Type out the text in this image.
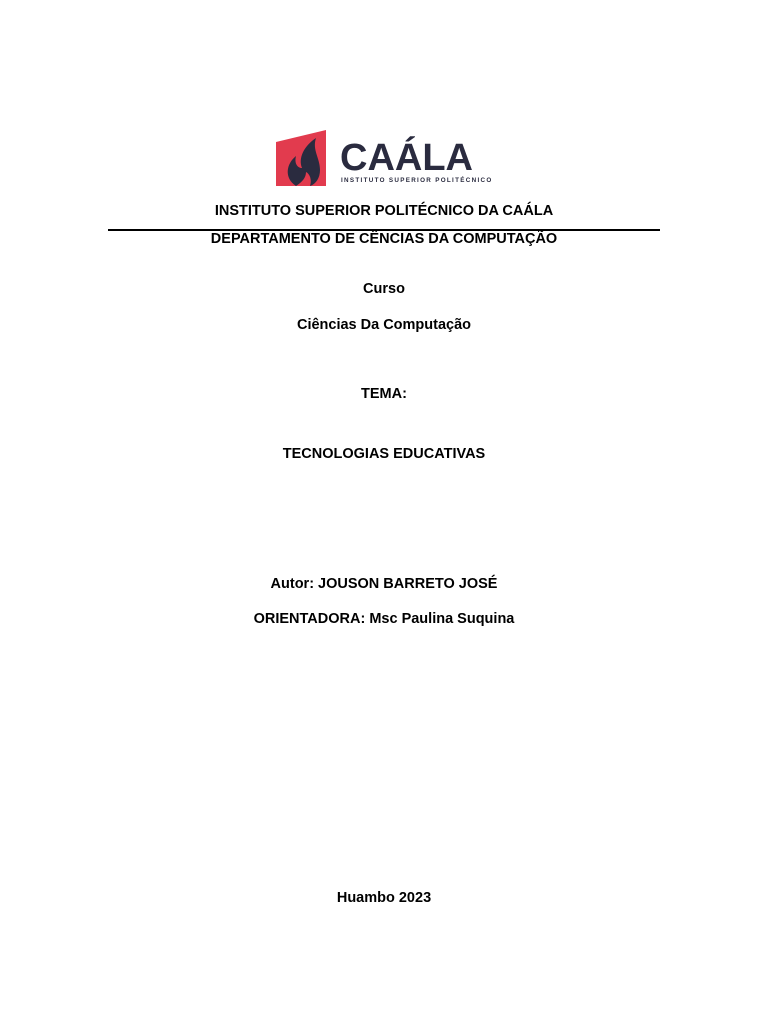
CAÁLA
INSTITUTO SUPERIOR POLITÉCNICO
INSTITUTO SUPERIOR POLITÉCNICO DA CAÁLA
DEPARTAMENTO DE CÊNCIAS DA COMPUTAÇÃO
Curso
Ciências Da Computação
TEMA:
TECNOLOGIAS EDUCATIVAS
Autor: JOUSON BARRETO JOSÉ
ORIENTADORA: Msc Paulina Suquina
Huambo 2023
